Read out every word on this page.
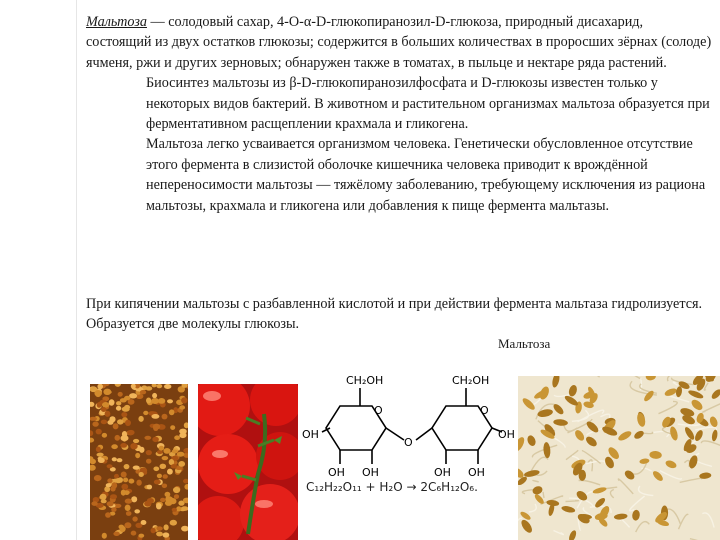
Мальтоза — солодовый сахар, 4-О-α-D-глюкопиранозил-D-глюкоза, природный дисахарид, состоящий из двух остатков глюкозы; содержится в больших количествах в проросших зёрнах (солоде) ячменя, ржи и других зерновых; обнаружен также в томатах, в пыльце и нектаре ряда растений.

Биосинтез мальтозы из β-D-глюкопиранозилфосфата и D-глюкозы известен только у некоторых видов бактерий. В животном и растительном организмах мальтоза образуется при ферментативном расщеплении крахмала и гликогена.

Мальтоза легко усваивается организмом человека. Генетически обусловленное отсутствие этого фермента в слизистой оболочке кишечника человека приводит к врождённой непереносимости мальтозы — тяжёлому заболеванию, требующему исключения из рациона мальтозы, крахмала и гликогена или добавления к пище фермента мальтазы.

При кипячении мальтозы с разбавленной кислотой и при действии фермента мальтаза гидролизуется. Образуется две молекулы глюкозы.

Мальтоза
CH₂OH
O
OH
OH OH
O
CH₂OH
O
OH
OH OH
C₁₂H₂₂O₁₁ + H₂O → 2C₆H₁₂O₆.
